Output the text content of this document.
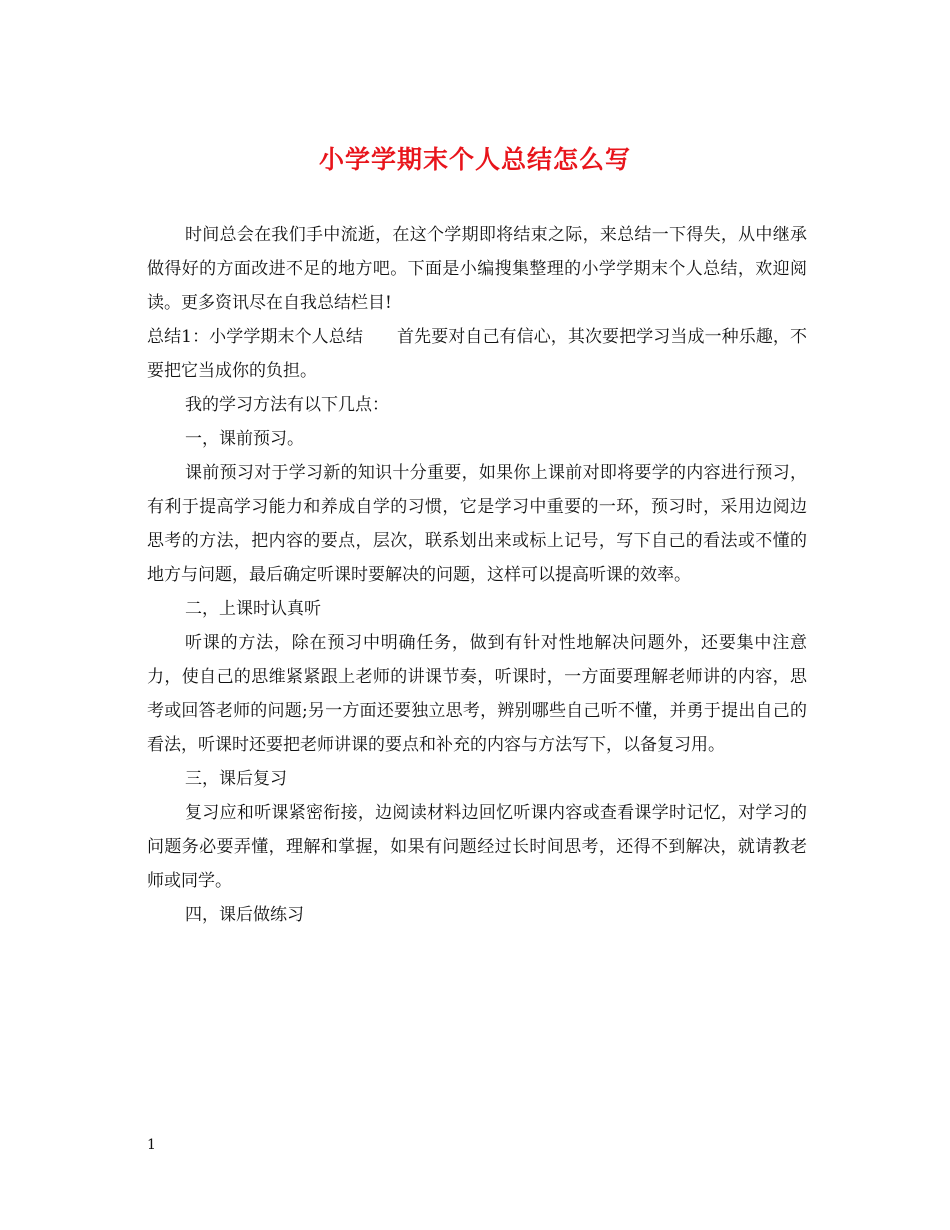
小学学期末个人总结怎么写

时间总会在我们手中流逝，在这个学期即将结束之际，来总结一下得失，从中继承做得好的方面改进不足的地方吧。下面是小编搜集整理的小学学期末个人总结，欢迎阅读。更多资讯尽在自我总结栏目!

总结1：小学学期末个人总结 首先要对自己有信心，其次要把学习当成一种乐趣，不要把它当成你的负担。

我的学习方法有以下几点：

一，课前预习。

课前预习对于学习新的知识十分重要，如果你上课前对即将要学的内容进行预习，有利于提高学习能力和养成自学的习惯，它是学习中重要的一环，预习时，采用边阅边思考的方法，把内容的要点，层次，联系划出来或标上记号，写下自己的看法或不懂的地方与问题，最后确定听课时要解决的问题，这样可以提高听课的效率。

二，上课时认真听

听课的方法，除在预习中明确任务，做到有针对性地解决问题外，还要集中注意力，使自己的思维紧紧跟上老师的讲课节奏，听课时，一方面要理解老师讲的内容，思考或回答老师的问题;另一方面还要独立思考，辨别哪些自己听不懂，并勇于提出自己的看法，听课时还要把老师讲课的要点和补充的内容与方法写下，以备复习用。

三，课后复习

复习应和听课紧密衔接，边阅读材料边回忆听课内容或查看课学时记忆，对学习的问题务必要弄懂，理解和掌握，如果有问题经过长时间思考，还得不到解决，就请教老师或同学。

四，课后做练习

1
